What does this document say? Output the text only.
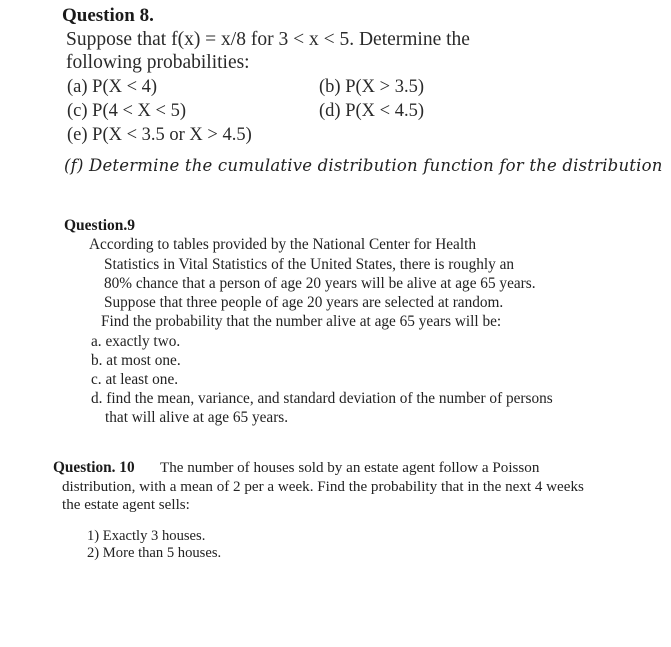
Question 8.
Suppose that f(x) = x/8 for 3 < x < 5. Determine the
following probabilities:
(a) P(X < 4)	(b) P(X > 3.5)
(c) P(4 < X < 5)	(d) P(X < 4.5)
(e) P(X < 3.5 or X > 4.5)
(f) Determine the cumulative distribution function for the distribution
Question.9
According to tables provided by the National Center for Health
Statistics in Vital Statistics of the United States, there is roughly an
80% chance that a person of age 20 years will be alive at age 65 years.
Suppose that three people of age 20 years are selected at random.
Find the probability that the number alive at age 65 years will be:
a. exactly two.
b. at most one.
c. at least one.
d. find the mean, variance, and standard deviation of the number of persons
that will alive at age 65 years.
Question. 10 The number of houses sold by an estate agent follow a Poisson
distribution, with a mean of 2 per a week. Find the probability that in the next 4 weeks
the estate agent sells:
1) Exactly 3 houses.
2) More than 5 houses.
